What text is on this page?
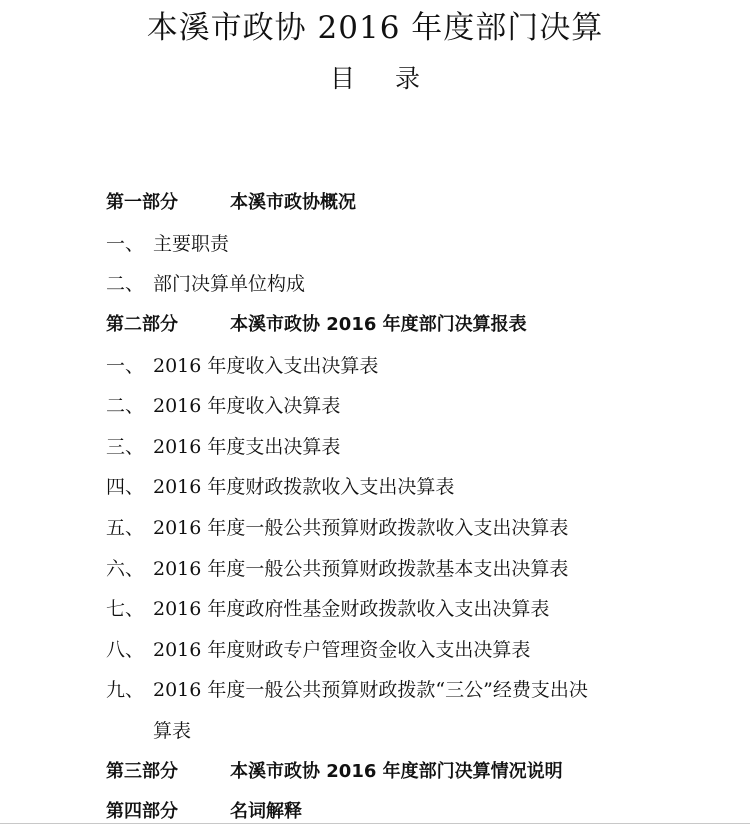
本溪市政协 2016 年度部门决算
目录
第一部分	本溪市政协概况
一、 主要职责
二、 部门决算单位构成
第二部分	本溪市政协 2016 年度部门决算报表
一、 2016 年度收入支出决算表
二、 2016 年度收入决算表
三、 2016 年度支出决算表
四、 2016 年度财政拨款收入支出决算表
五、 2016 年度一般公共预算财政拨款收入支出决算表
六、 2016 年度一般公共预算财政拨款基本支出决算表
七、 2016 年度政府性基金财政拨款收入支出决算表
八、 2016 年度财政专户管理资金收入支出决算表
九、 2016 年度一般公共预算财政拨款“三公”经费支出决
算表
第三部分	本溪市政协 2016 年度部门决算情况说明
第四部分	名词解释
